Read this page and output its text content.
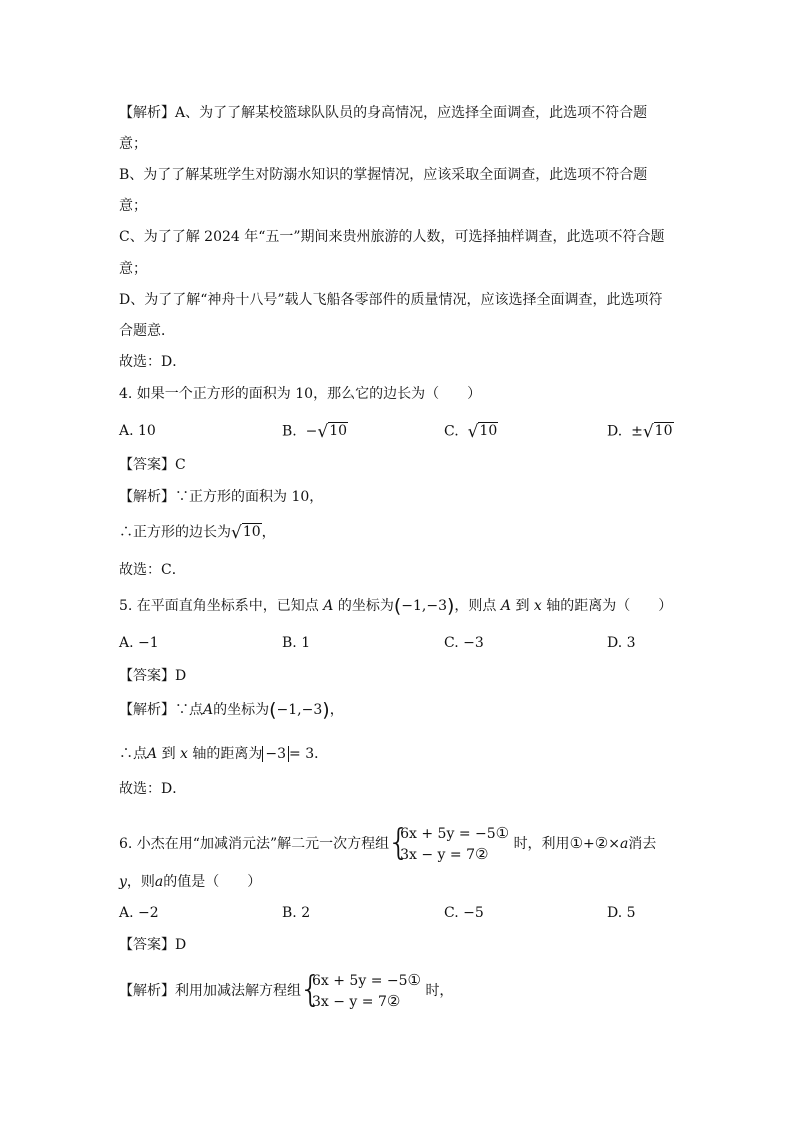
【解析】A、为了了解某校篮球队队员的身高情况，应选择全面调查，此选项不符合题
意；
B、为了了解某班学生对防溺水知识的掌握情况，应该采取全面调查，此选项不符合题
意；
C、为了了解 2024 年“五一”期间来贵州旅游的人数，可选择抽样调查，此选项不符合题
意；
D、为了了解“神舟十八号”载人飞船各零部件的质量情况，应该选择全面调查，此选项符
合题意．
故选：D．
4. 如果一个正方形的面积为 10，那么它的边长为（　　）
A. 10	B. −√10	C. √10	D. ±√10
【答案】C
【解析】∵正方形的面积为 10，
∴正方形的边长为√10，
故选：C．
5. 在平面直角坐标系中，已知点 A 的坐标为(−1,−3)，则点 A 到 x 轴的距离为（　　）
A. −1	B. 1	C. −3	D. 3
【答案】D
【解析】∵点A的坐标为(−1,−3)，
∴点A 到 x 轴的距离为 −3 = 3．
故选：D．
6. 小杰在用“加减消元法”解二元一次方程组
{
6x + 5y = −5①
3x − y = 7②
时，利用①+②×a消去
y，则a的值是（　　）
A. −2	B. 2	C. −5	D. 5
【答案】D
【解析】利用加减法解方程组
{
6x + 5y = −5①
3x − y = 7②
时，
